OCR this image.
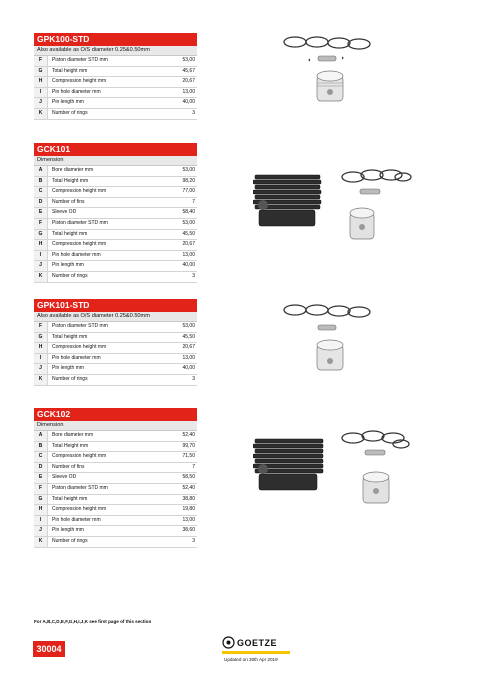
GPK100-STD
Also available as O/S diameter 0.25&0.50mm
F	Piston diameter STD mm	53,00
G	Total height mm	45,67
H	Compression height mm	20,67
I	Pin hole diameter mm	13,00
J	Pin length mm	40,00
K	Number of rings	3
GCK101
Dimension
A	Bore diameter mm	53,00
B	Total Height mm	98,20
C	Compression height mm	77,00
D	Number of fins	7
E	Sleeve OD	58,40
F	Piston diameter STD mm	53,00
G	Total height mm	45,50
H	Compression height mm	20,67
I	Pin hole diameter mm	13,00
J	Pin length mm	40,00
K	Number of rings	3
GPK101-STD
Also available as O/S diameter 0.25&0.50mm
F	Piston diameter STD mm	53,00
G	Total height mm	45,50
H	Compression height mm	20,67
I	Pin hole diameter mm	13,00
J	Pin length mm	40,00
K	Number of rings	3
GCK102
Dimension
A	Bore diameter mm	52,40
B	Total Height mm	99,70
C	Compression height mm	71,50
D	Number of fins	7
E	Sleeve OD	58,50
F	Piston diameter STD mm	52,40
G	Total height mm	38,80
H	Compression height mm	19,80
I	Pin hole diameter mm	13,00
J	Pin length mm	38,60
K	Number of rings	3
For A,B,C,D,E,F,G,H,I,J,K see first page of this section
30004
GOETZE
Updated on 30th Apr 2019
